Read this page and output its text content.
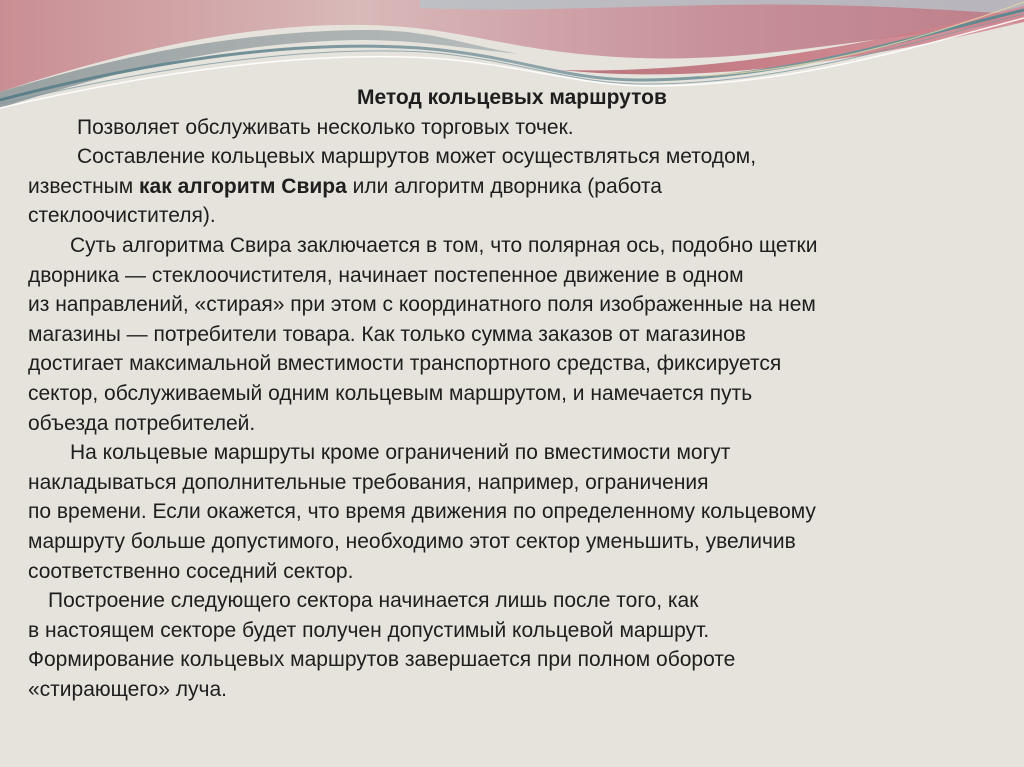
Метод кольцевых маршрутов
Позволяет обслуживать несколько торговых точек.
Составление кольцевых маршрутов может осуществляться методом,
известным как алгоритм Свира или алгоритм дворника (работа
стеклоочистителя).
Суть алгоритма Свира заключается в том, что полярная ось, подобно щетки
дворника — стеклоочистителя, начинает постепенное движение в одном
из направлений, «стирая» при этом с координатного поля изображенные на нем
магазины — потребители товара. Как только сумма заказов от магазинов
достигает максимальной вместимости транспортного средства, фиксируется
сектор, обслуживаемый одним кольцевым маршрутом, и намечается путь
объезда потребителей.
На кольцевые маршруты кроме ограничений по вместимости могут
накладываться дополнительные требования, например, ограничения
по времени. Если окажется, что время движения по определенному кольцевому
маршруту больше допустимого, необходимо этот сектор уменьшить, увеличив
соответственно соседний сектор.
Построение следующего сектора начинается лишь после того, как
в настоящем секторе будет получен допустимый кольцевой маршрут.
Формирование кольцевых маршрутов завершается при полном обороте
«стирающего» луча.
